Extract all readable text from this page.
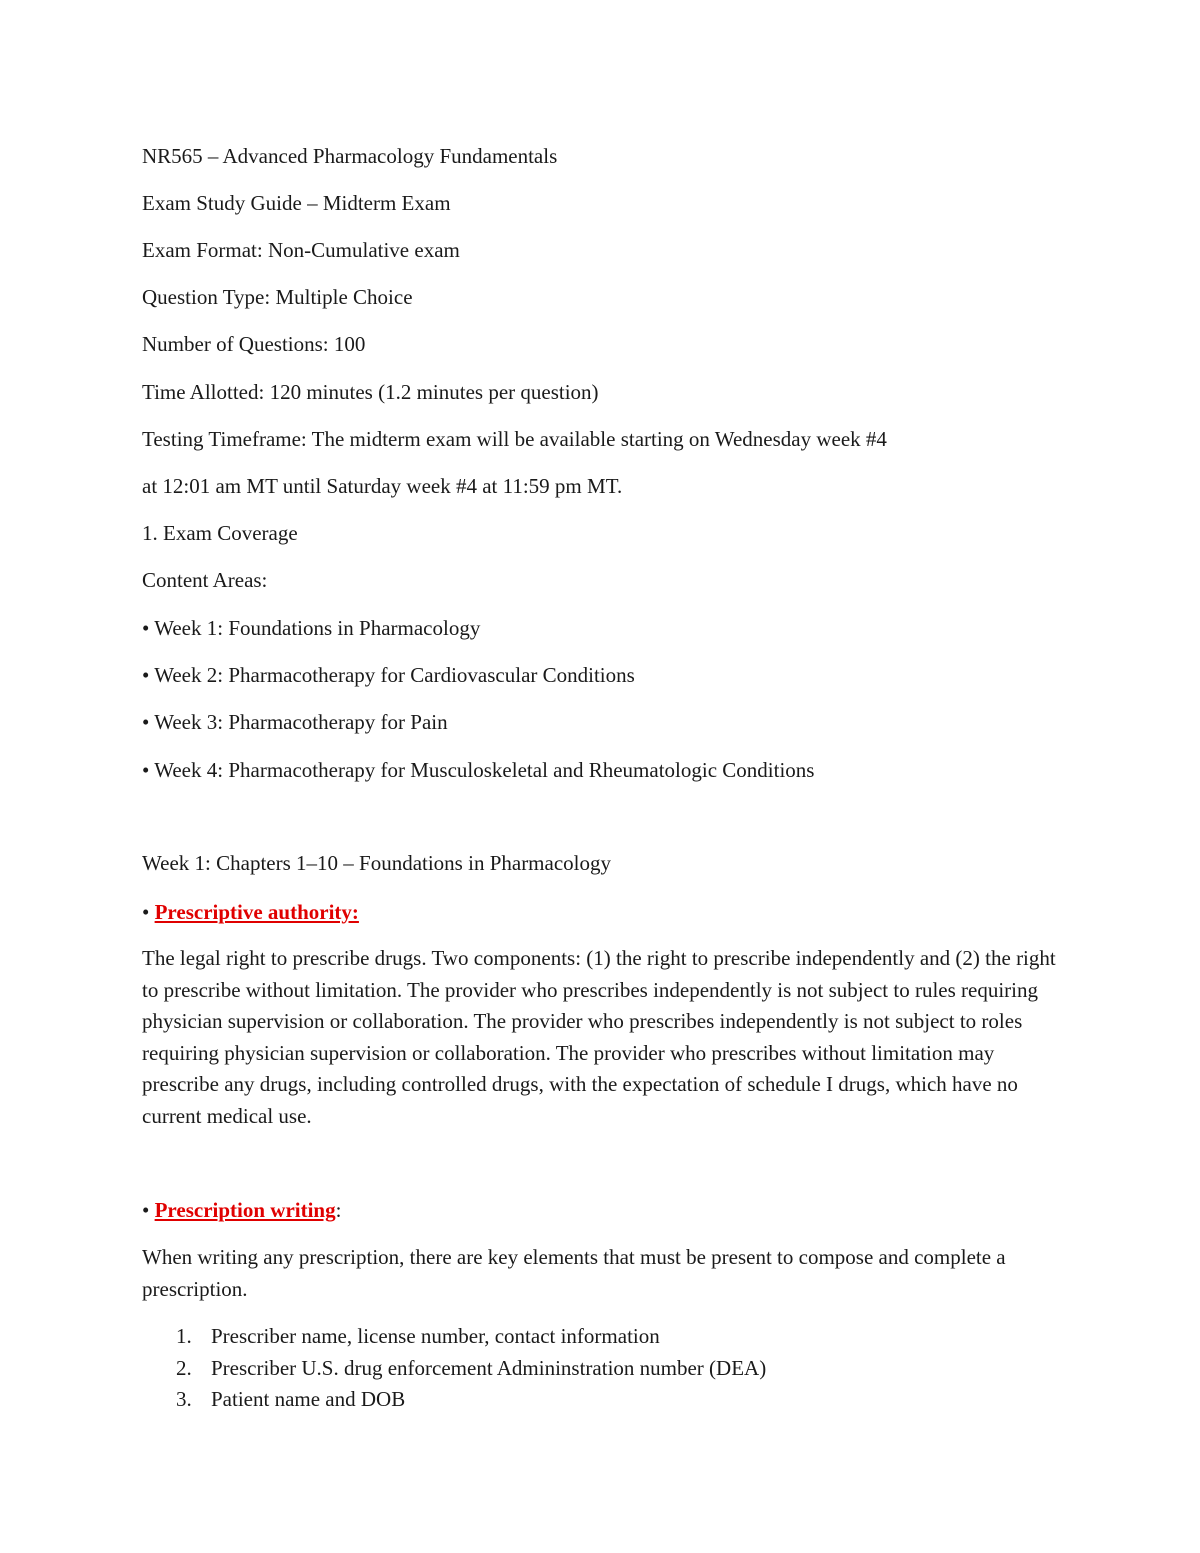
NR565 – Advanced Pharmacology Fundamentals
Exam Study Guide – Midterm Exam
Exam Format: Non-Cumulative exam
Question Type: Multiple Choice
Number of Questions: 100
Time Allotted: 120 minutes (1.2 minutes per question)
Testing Timeframe: The midterm exam will be available starting on Wednesday week #4
at 12:01 am MT until Saturday week #4 at 11:59 pm MT.
1. Exam Coverage
Content Areas:
• Week 1: Foundations in Pharmacology
• Week 2: Pharmacotherapy for Cardiovascular Conditions
• Week 3: Pharmacotherapy for Pain
• Week 4: Pharmacotherapy for Musculoskeletal and Rheumatologic Conditions
Week 1: Chapters 1–10 – Foundations in Pharmacology
• Prescriptive authority:
The legal right to prescribe drugs. Two components: (1) the right to prescribe independently and (2) the right to prescribe without limitation. The provider who prescribes independently is not subject to rules requiring physician supervision or collaboration. The provider who prescribes independently is not subject to roles requiring physician supervision or collaboration. The provider who prescribes without limitation may prescribe any drugs, including controlled drugs, with the expectation of schedule I drugs, which have no current medical use.
• Prescription writing:
When writing any prescription, there are key elements that must be present to compose and complete a prescription.
1. Prescriber name, license number, contact information
2. Prescriber U.S. drug enforcement Admininstration number (DEA)
3. Patient name and DOB
